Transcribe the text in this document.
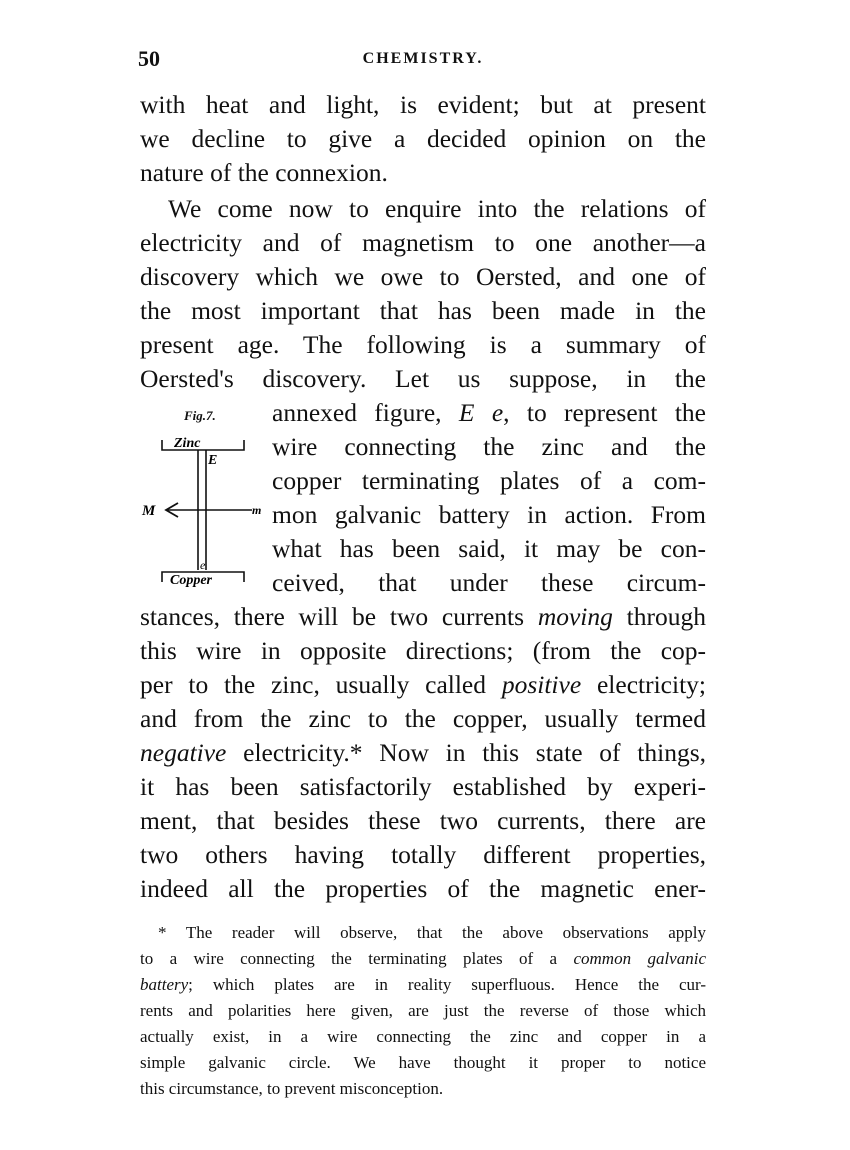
50	CHEMISTRY.
with heat and light, is evident; but at present
we decline to give a decided opinion on the
nature of the connexion.
We come now to enquire into the relations of
electricity and of magnetism to one another—a
discovery which we owe to Oersted, and one of
the most important that has been made in the
present age. The following is a summary of
Oersted's discovery. Let us suppose, in the
annexed figure, E e, to represent the
wire connecting the zinc and the
copper terminating plates of a com-
mon galvanic battery in action. From
what has been said, it may be con-
ceived, that under these circum-
stances, there will be two currents moving through
this wire in opposite directions; (from the cop-
per to the zinc, usually called positive electricity;
and from the zinc to the copper, usually termed
negative electricity.* Now in this state of things,
it has been satisfactorily established by experi-
ment, that besides these two currents, there are
two others having totally different properties,
indeed all the properties of the magnetic ener-
Fig.7.
Zinc
E
M	m
e
Copper
* The reader will observe, that the above observations apply
to a wire connecting the terminating plates of a common galvanic
battery; which plates are in reality superfluous. Hence the cur-
rents and polarities here given, are just the reverse of those which
actually exist, in a wire connecting the zinc and copper in a
simple galvanic circle. We have thought it proper to notice
this circumstance, to prevent misconception.
